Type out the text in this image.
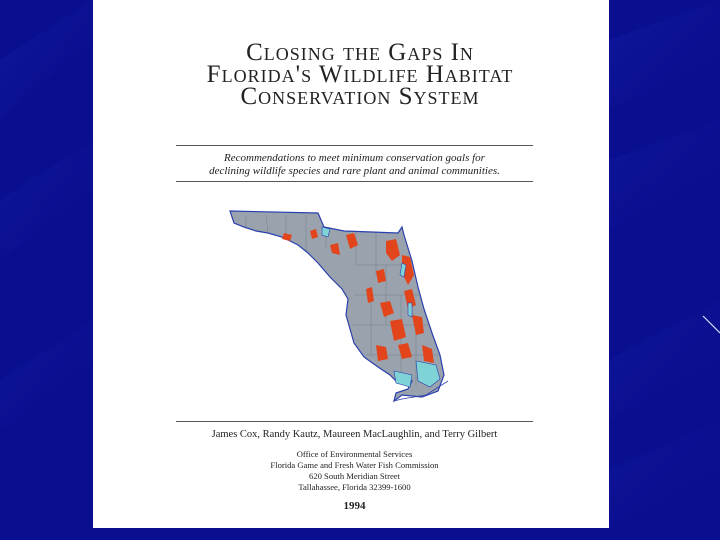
Closing the Gaps In
Florida's Wildlife Habitat
Conservation System
Recommendations to meet minimum conservation goals for
declining wildlife species and rare plant and animal communities.
James Cox, Randy Kautz, Maureen MacLaughlin, and Terry Gilbert
Office of Environmental Services
Florida Game and Fresh Water Fish Commission
620 South Meridian Street
Tallahassee, Florida 32399-1600
1994
